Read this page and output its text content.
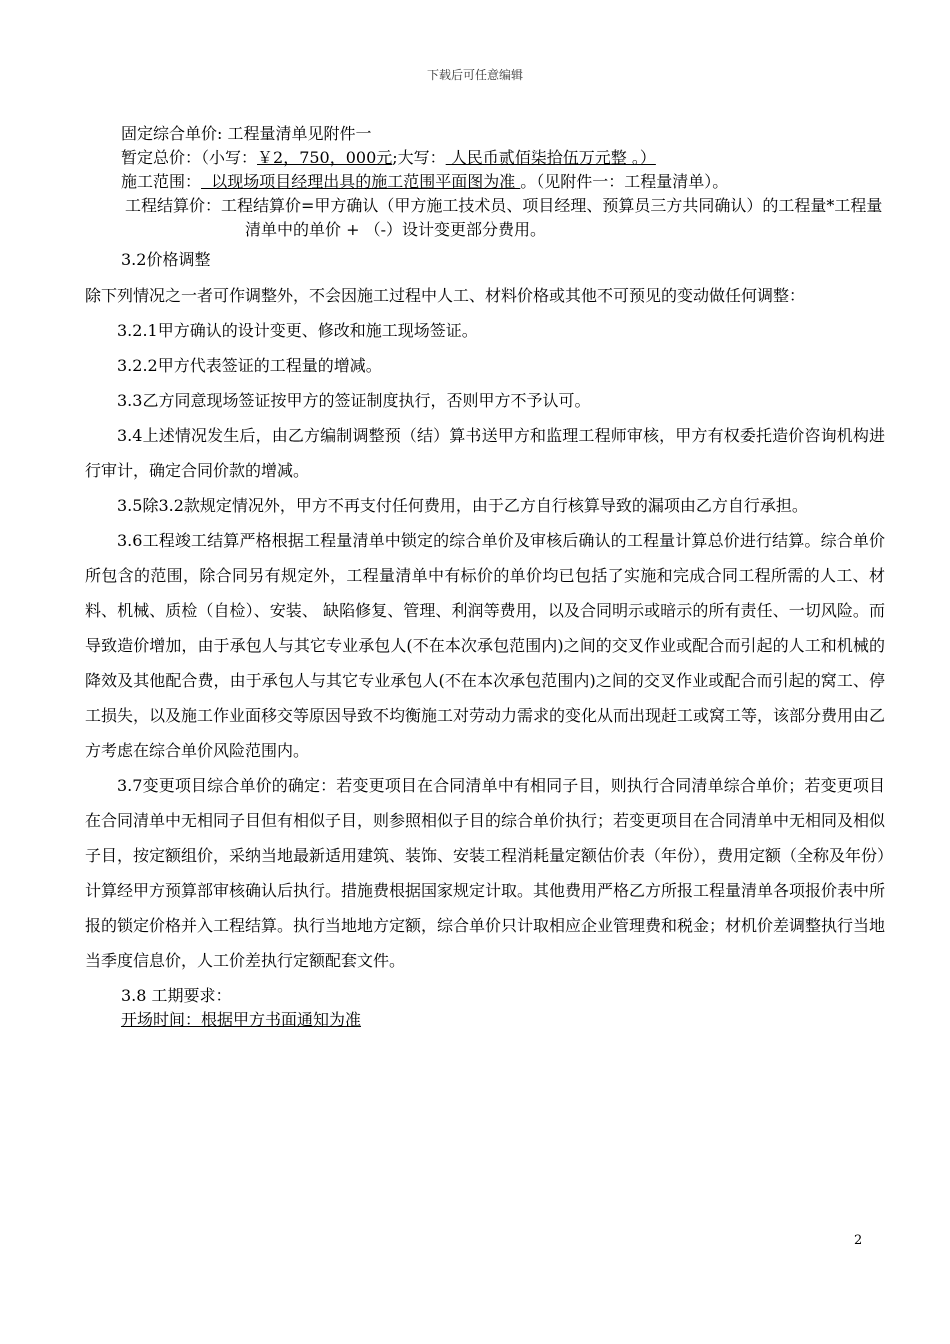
下载后可任意编辑

固定综合单价: 工程量清单见附件一

暂定总价：（小写：￥2，750，000元;大写： 人民币贰佰柒拾伍万元整 。）

施工范围：  以现场项目经理出具的施工范围平面图为准 。（见附件一：工程量清单）。

工程结算价：工程结算价=甲方确认（甲方施工技术员、项目经理、预算员三方共同确认）的工程量*工程量清单中的单价 + （-）设计变更部分费用。

3.2价格调整

除下列情况之一者可作调整外，不会因施工过程中人工、材料价格或其他不可预见的变动做任何调整：

3.2.1甲方确认的设计变更、修改和施工现场签证。

3.2.2甲方代表签证的工程量的增减。

3.3乙方同意现场签证按甲方的签证制度执行，否则甲方不予认可。

3.4上述情况发生后，由乙方编制调整预（结）算书送甲方和监理工程师审核，甲方有权委托造价咨询机构进行审计，确定合同价款的增减。

3.5除3.2款规定情况外，甲方不再支付任何费用，由于乙方自行核算导致的漏项由乙方自行承担。

3.6工程竣工结算严格根据工程量清单中锁定的综合单价及审核后确认的工程量计算总价进行结算。综合单价所包含的范围，除合同另有规定外，工程量清单中有标价的单价均已包括了实施和完成合同工程所需的人工、材料、机械、质检（自检）、安装、 缺陷修复、管理、利润等费用，以及合同明示或暗示的所有责任、一切风险。而导致造价增加，由于承包人与其它专业承包人(不在本次承包范围内)之间的交叉作业或配合而引起的人工和机械的降效及其他配合费，由于承包人与其它专业承包人(不在本次承包范围内)之间的交叉作业或配合而引起的窝工、停工损失，以及施工作业面移交等原因导致不均衡施工对劳动力需求的变化从而出现赶工或窝工等，该部分费用由乙方考虑在综合单价风险范围内。

3.7变更项目综合单价的确定：若变更项目在合同清单中有相同子目，则执行合同清单综合单价；若变更项目在合同清单中无相同子目但有相似子目，则参照相似子目的综合单价执行；若变更项目在合同清单中无相同及相似子目，按定额组价，采纳当地最新适用建筑、装饰、安装工程消耗量定额估价表（年份），费用定额（全称及年份）计算经甲方预算部审核确认后执行。措施费根据国家规定计取。其他费用严格乙方所报工程量清单各项报价表中所报的锁定价格并入工程结算。执行当地地方定额，综合单价只计取相应企业管理费和税金；材机价差调整执行当地当季度信息价，人工价差执行定额配套文件。

3.8 工期要求：

开场时间：根据甲方书面通知为准

2
